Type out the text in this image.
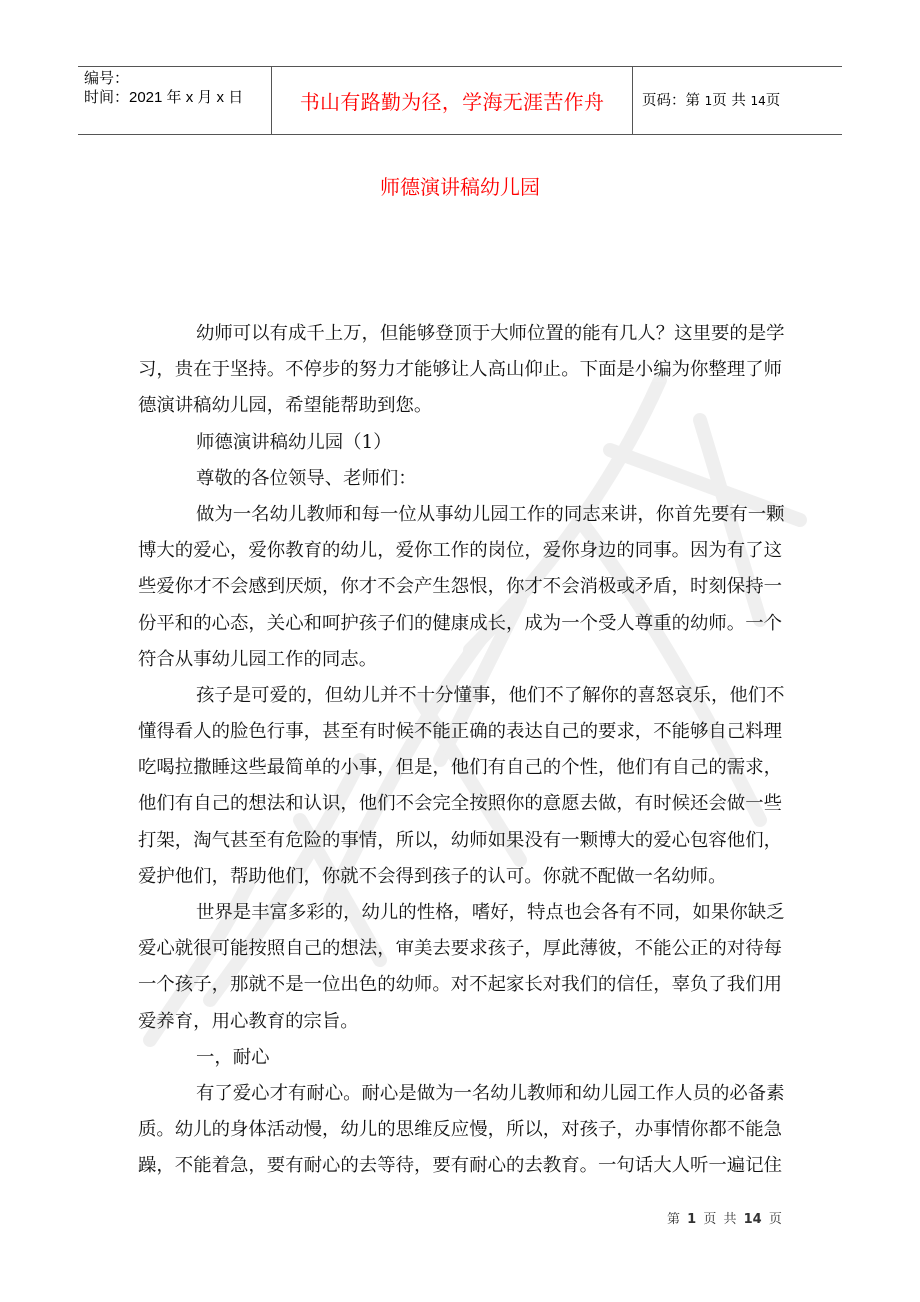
编号：
时间：2021 年 x 月 x 日	书山有路勤为径，学海无涯苦作舟	页码：第 1页 共 14页
师德演讲稿幼儿园
幼师可以有成千上万，但能够登顶于大师位置的能有几人？这里要的是学
习，贵在于坚持。不停步的努力才能够让人高山仰止。下面是小编为你整理了师
德演讲稿幼儿园，希望能帮助到您。
师德演讲稿幼儿园（1）
尊敬的各位领导、老师们：
做为一名幼儿教师和每一位从事幼儿园工作的同志来讲，你首先要有一颗
博大的爱心，爱你教育的幼儿，爱你工作的岗位，爱你身边的同事。因为有了这
些爱你才不会感到厌烦，你才不会产生怨恨，你才不会消极或矛盾，时刻保持一
份平和的心态，关心和呵护孩子们的健康成长，成为一个受人尊重的幼师。一个
符合从事幼儿园工作的同志。
孩子是可爱的，但幼儿并不十分懂事，他们不了解你的喜怒哀乐，他们不
懂得看人的脸色行事，甚至有时候不能正确的表达自己的要求，不能够自己料理
吃喝拉撒睡这些最简单的小事，但是，他们有自己的个性，他们有自己的需求，
他们有自己的想法和认识，他们不会完全按照你的意愿去做，有时候还会做一些
打架，淘气甚至有危险的事情，所以，幼师如果没有一颗博大的爱心包容他们，
爱护他们，帮助他们，你就不会得到孩子的认可。你就不配做一名幼师。
世界是丰富多彩的，幼儿的性格，嗜好，特点也会各有不同，如果你缺乏
爱心就很可能按照自己的想法，审美去要求孩子，厚此薄彼，不能公正的对待每
一个孩子，那就不是一位出色的幼师。对不起家长对我们的信任，辜负了我们用
爱养育，用心教育的宗旨。
一，耐心
有了爱心才有耐心。耐心是做为一名幼儿教师和幼儿园工作人员的必备素
质。幼儿的身体活动慢，幼儿的思维反应慢，所以，对孩子，办事情你都不能急
躁，不能着急，要有耐心的去等待，要有耐心的去教育。一句话大人听一遍记住
第 1 页 共 14 页
